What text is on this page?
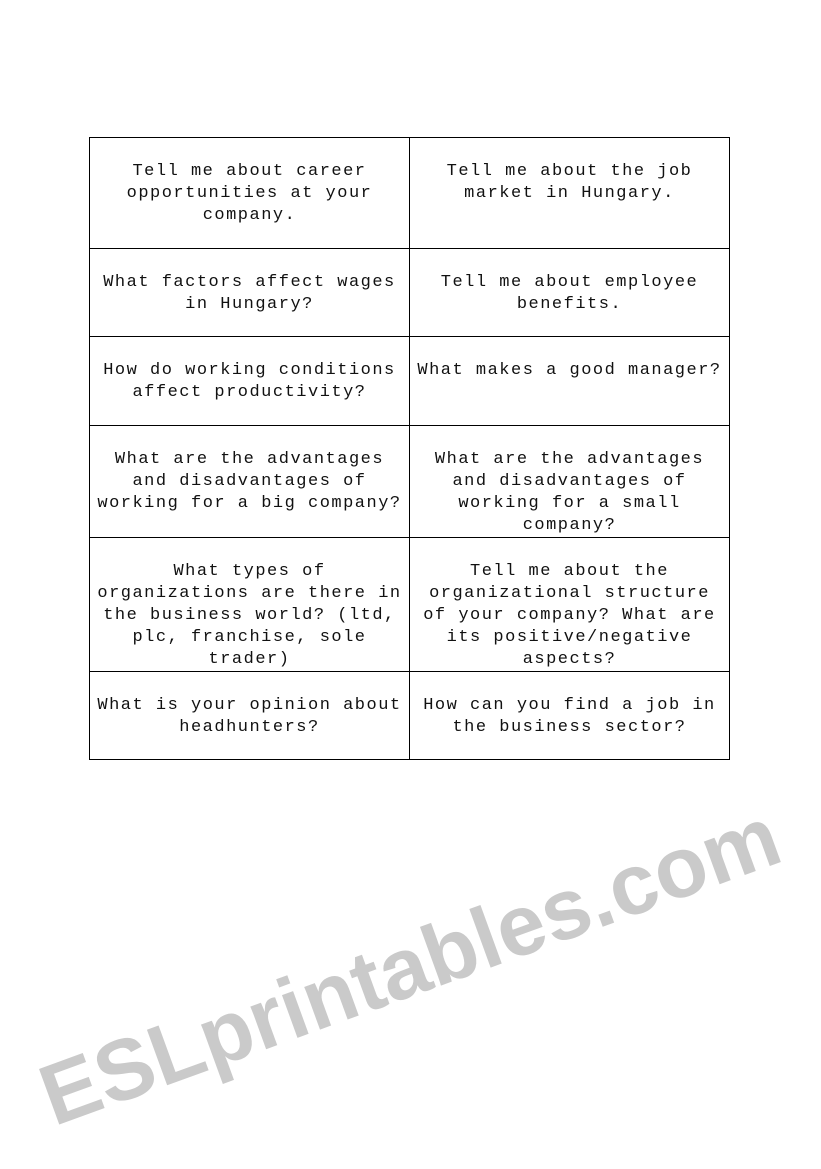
Tell me about career opportunities at your company.	Tell me about the job market in Hungary.
What factors affect wages in Hungary?	Tell me about employee benefits.
How do working conditions affect productivity?	What makes a good manager?
What are the advantages and disadvantages of working for a big company?	What are the advantages and disadvantages of working for a small company?
What types of organizations are there in the business world? (ltd, plc, franchise, sole trader)	Tell me about the organizational structure of your company? What are its positive/negative aspects?
What is your opinion about headhunters?	How can you find a job in the business sector?
ESLprintables.com
